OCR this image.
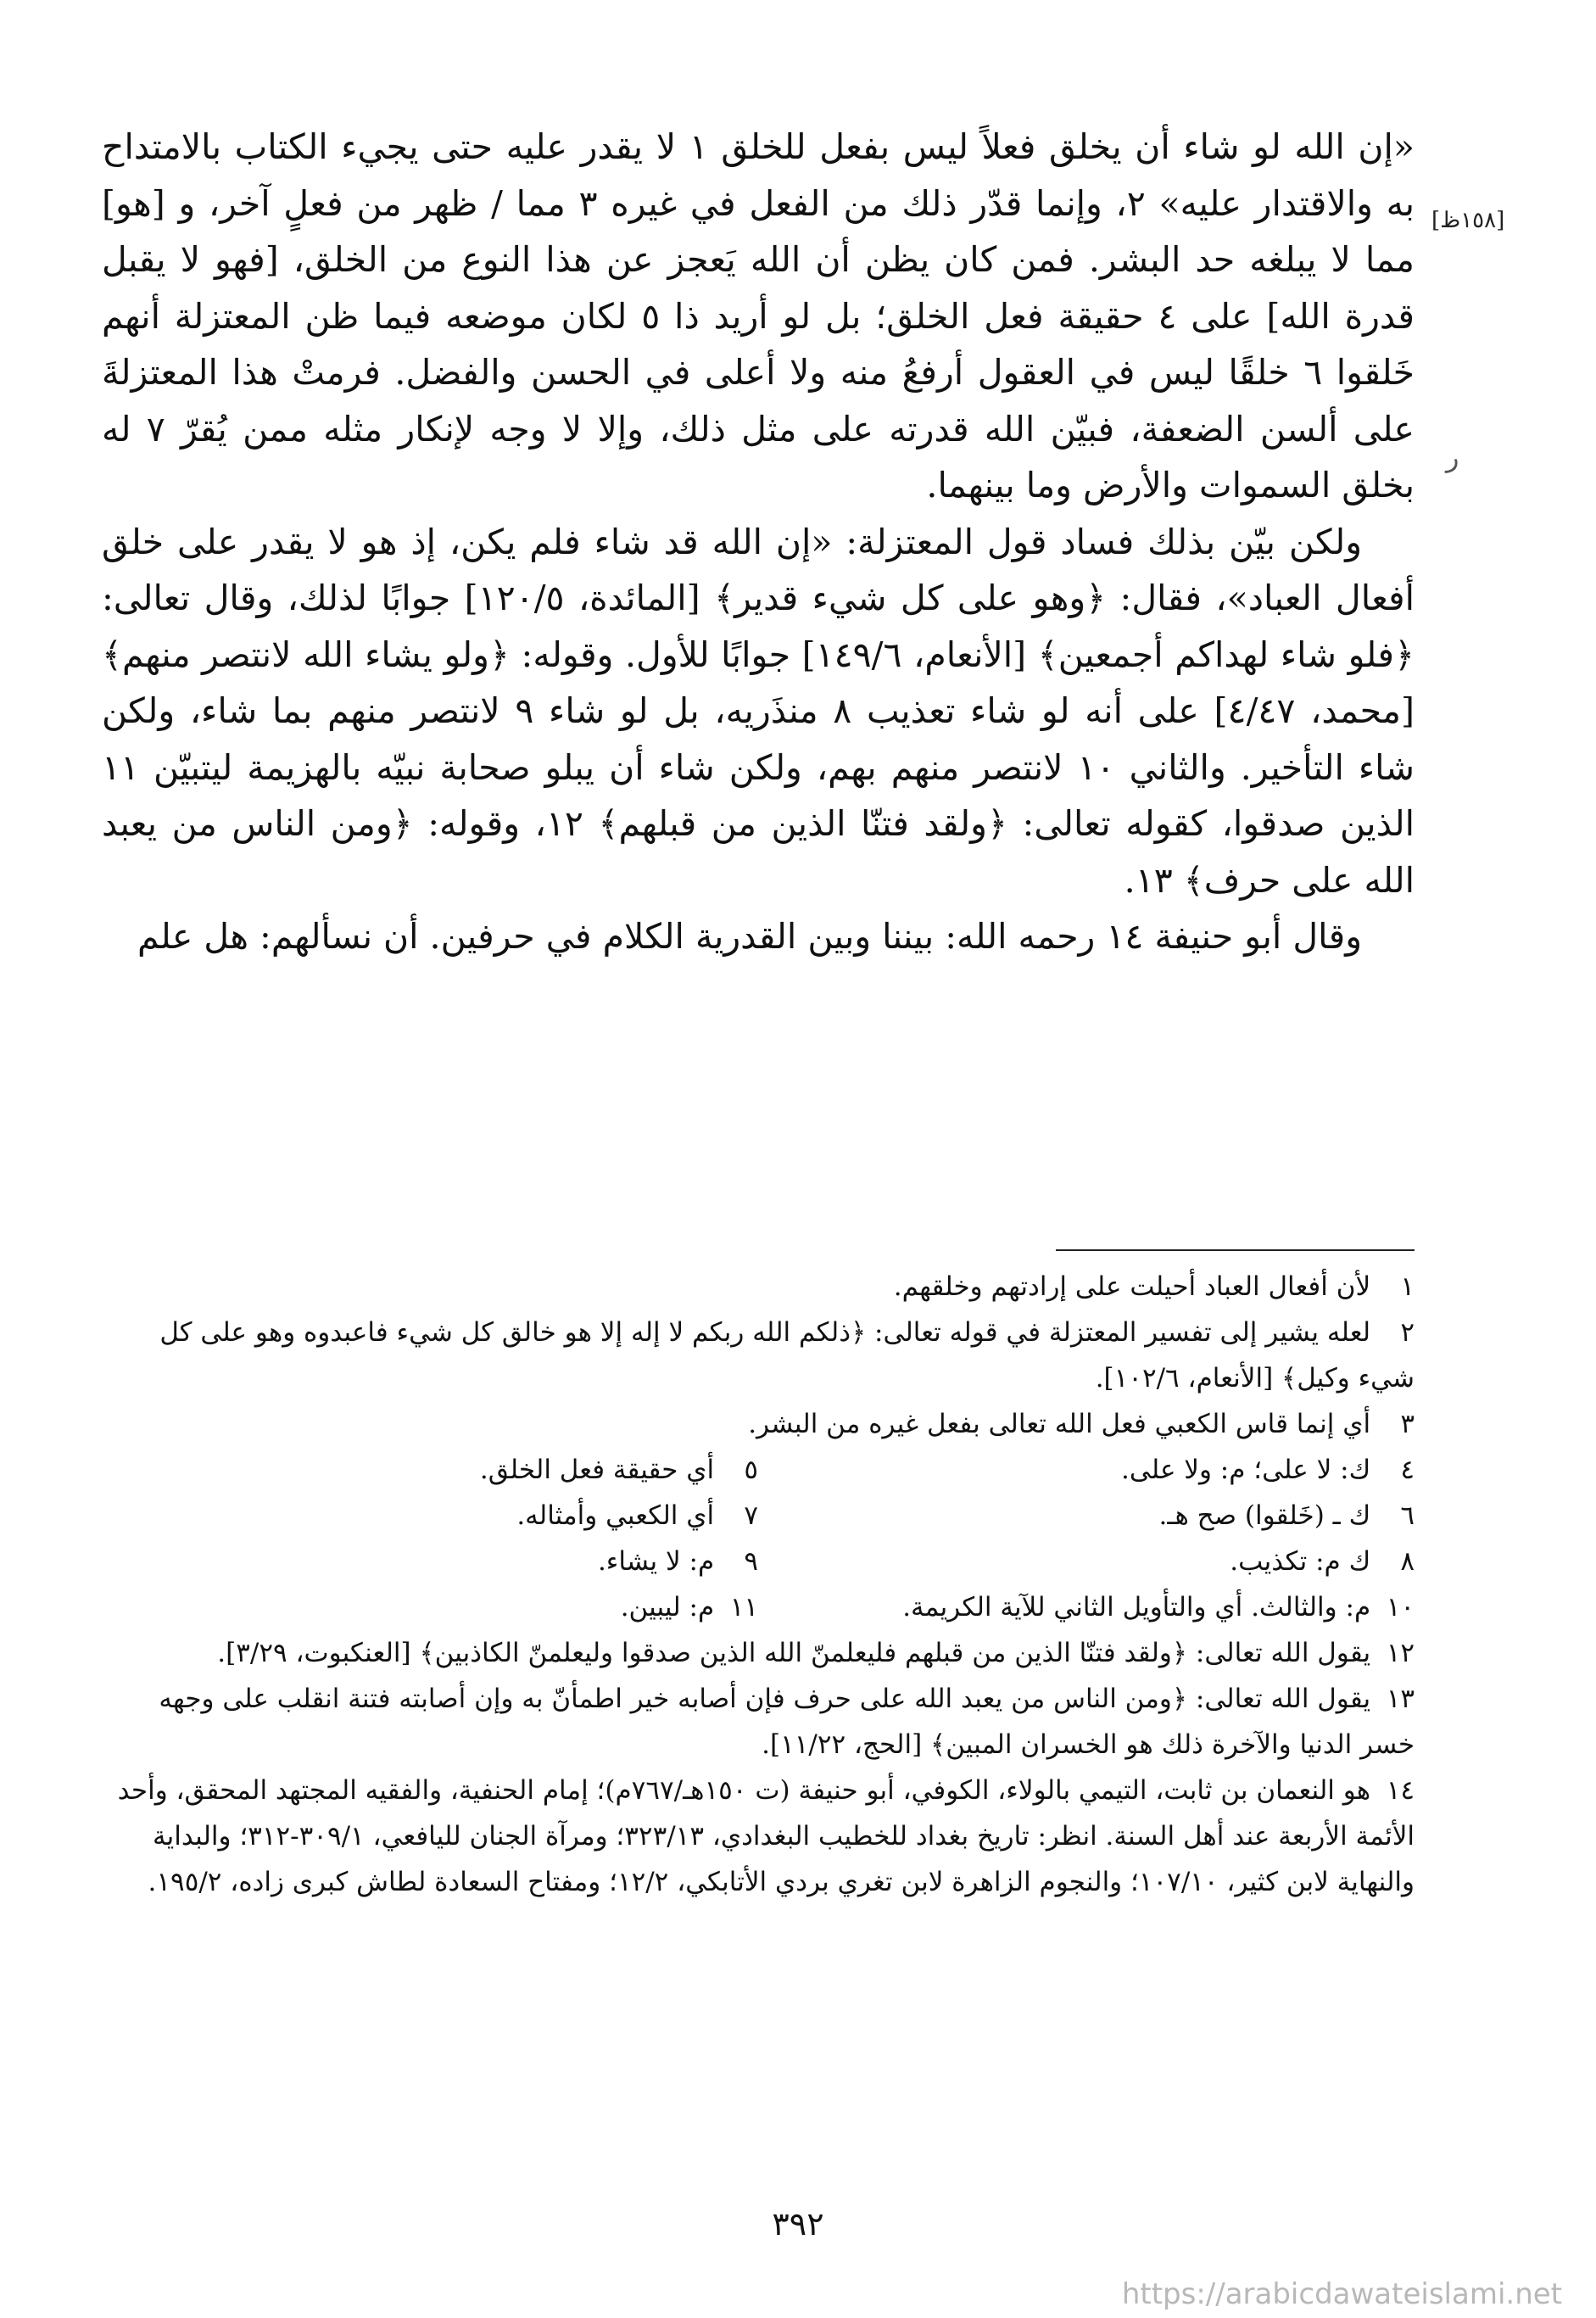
[١٥٨ظ]
ر

«إن الله لو شاء أن يخلق فعلاً ليس بفعل للخلق ١ لا يقدر عليه حتى يجيء الكتاب بالامتداح به والاقتدار عليه» ٢، وإنما قدّر ذلك من الفعل في غيره ٣ مما / ظهر من فعلٍ آخر، و [هو] مما لا يبلغه حد البشر. فمن كان يظن أن الله يَعجز عن هذا النوع من الخلق، [فهو لا يقبل قدرة الله] على ٤ حقيقة فعل الخلق؛ بل لو أريد ذا ٥ لكان موضعه فيما ظن المعتزلة أنهم خَلقوا ٦ خلقًا ليس في العقول أرفعُ منه ولا أعلى في الحسن والفضل. فرمتْ هذا المعتزلةَ على ألسن الضعفة، فبيّن الله قدرته على مثل ذلك، وإلا لا وجه لإنكار مثله ممن يُقرّ ٧ له بخلق السموات والأرض وما بينهما.

ولكن بيّن بذلك فساد قول المعتزلة: «إن الله قد شاء فلم يكن، إذ هو لا يقدر على خلق أفعال العباد»، فقال: ﴿وهو على كل شيء قدير﴾ [المائدة، ١٢٠/٥] جوابًا لذلك، وقال تعالى: ﴿فلو شاء لهداكم أجمعين﴾ [الأنعام، ١٤٩/٦] جوابًا للأول. وقوله: ﴿ولو يشاء الله لانتصر منهم﴾ [محمد، ٤/٤٧] على أنه لو شاء تعذيب ٨ منذَريه، بل لو شاء ٩ لانتصر منهم بما شاء، ولكن شاء التأخير. والثاني ١٠ لانتصر منهم بهم، ولكن شاء أن يبلو صحابة نبيّه بالهزيمة ليتبيّن ١١ الذين صدقوا، كقوله تعالى: ﴿ولقد فتنّا الذين من قبلهم﴾ ١٢، وقوله: ﴿ومن الناس من يعبد الله على حرف﴾ ١٣.

وقال أبو حنيفة ١٤ رحمه الله: بيننا وبين القدرية الكلام في حرفين. أن نسألهم: هل علم

١ لأن أفعال العباد أحيلت على إرادتهم وخلقهم.

٢ لعله يشير إلى تفسير المعتزلة في قوله تعالى: ﴿ذلكم الله ربكم لا إله إلا هو خالق كل شيء فاعبدوه وهو على كل شيء وكيل﴾ [الأنعام، ١٠٢/٦].

٣ أي إنما قاس الكعبي فعل الله تعالى بفعل غيره من البشر.

٤ ك: لا على؛ م: ولا على.

٥ أي حقيقة فعل الخلق.

٦ ك ـ (خَلقوا) صح هـ.

٧ أي الكعبي وأمثاله.

٨ ك م: تكذيب.

٩ م: لا يشاء.

١٠ م: والثالث. أي والتأويل الثاني للآية الكريمة.

١١ م: ليبين.

١٢ يقول الله تعالى: ﴿ولقد فتنّا الذين من قبلهم فليعلمنّ الله الذين صدقوا وليعلمنّ الكاذبين﴾ [العنكبوت، ٣/٢٩].

١٣ يقول الله تعالى: ﴿ومن الناس من يعبد الله على حرف فإن أصابه خير اطمأنّ به وإن أصابته فتنة انقلب على وجهه خسر الدنيا والآخرة ذلك هو الخسران المبين﴾ [الحج، ١١/٢٢].

١٤ هو النعمان بن ثابت، التيمي بالولاء، الكوفي، أبو حنيفة (ت ١٥٠هـ/٧٦٧م)؛ إمام الحنفية، والفقيه المجتهد المحقق، وأحد الأئمة الأربعة عند أهل السنة. انظر: تاريخ بغداد للخطيب البغدادي، ٣٢٣/١٣؛ ومرآة الجنان لليافعي، ٣٠٩/١-٣١٢؛ والبداية والنهاية لابن كثير، ١٠٧/١٠؛ والنجوم الزاهرة لابن تغري بردي الأتابكي، ١٢/٢؛ ومفتاح السعادة لطاش كبرى زاده، ١٩٥/٢.

٣٩٢
https://arabicdawateislami.net
